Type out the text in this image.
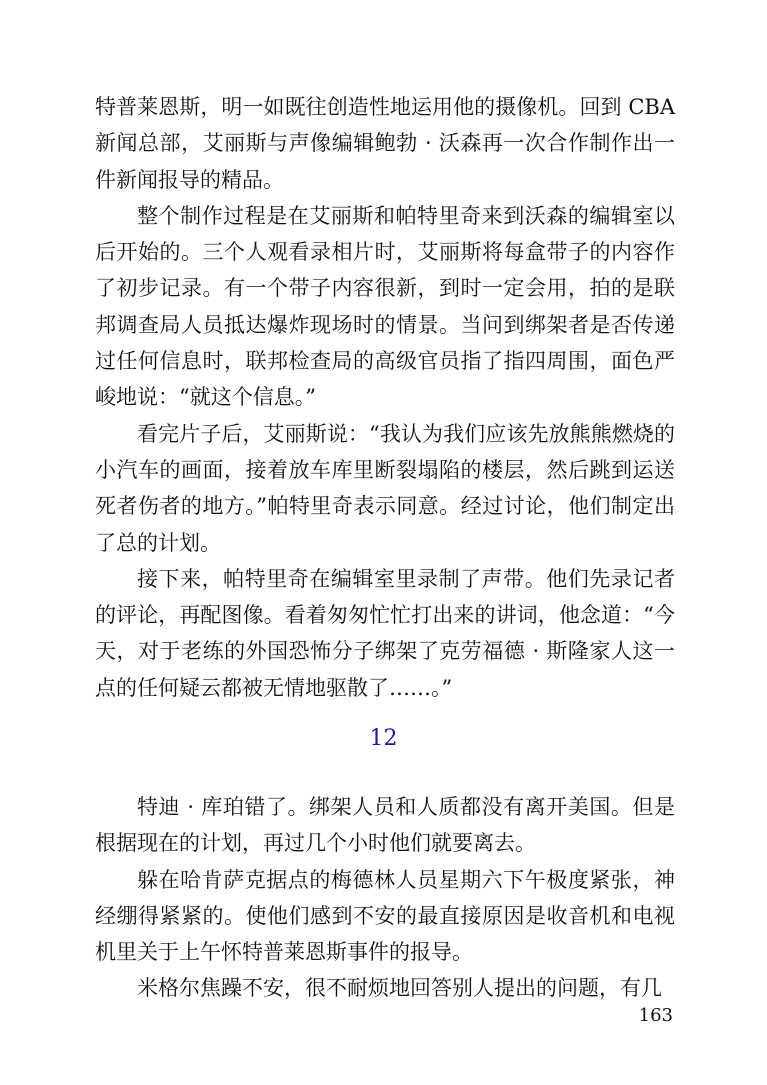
特普莱恩斯，明一如既往创造性地运用他的摄像机。回到 CBA 新闻总部，艾丽斯与声像编辑鲍勃 · 沃森再一次合作制作出一件新闻报导的精品。

整个制作过程是在艾丽斯和帕特里奇来到沃森的编辑室以后开始的。三个人观看录相片时，艾丽斯将每盒带子的内容作了初步记录。有一个带子内容很新，到时一定会用，拍的是联邦调查局人员抵达爆炸现场时的情景。当问到绑架者是否传递过任何信息时，联邦检查局的高级官员指了指四周围，面色严峻地说：“就这个信息。”

看完片子后，艾丽斯说：“我认为我们应该先放熊熊燃烧的小汽车的画面，接着放车库里断裂塌陷的楼层，然后跳到运送死者伤者的地方。”帕特里奇表示同意。经过讨论，他们制定出了总的计划。

接下来，帕特里奇在编辑室里录制了声带。他们先录记者的评论，再配图像。看着匆匆忙忙打出来的讲词，他念道：“今天，对于老练的外国恐怖分子绑架了克劳福德 · 斯隆家人这一点的任何疑云都被无情地驱散了……。”

12

特迪 · 库珀错了。绑架人员和人质都没有离开美国。但是根据现在的计划，再过几个小时他们就要离去。

躲在哈肯萨克据点的梅德林人员星期六下午极度紧张，神经绷得紧紧的。使他们感到不安的最直接原因是收音机和电视机里关于上午怀特普莱恩斯事件的报导。

米格尔焦躁不安，很不耐烦地回答别人提出的问题，有几

163
